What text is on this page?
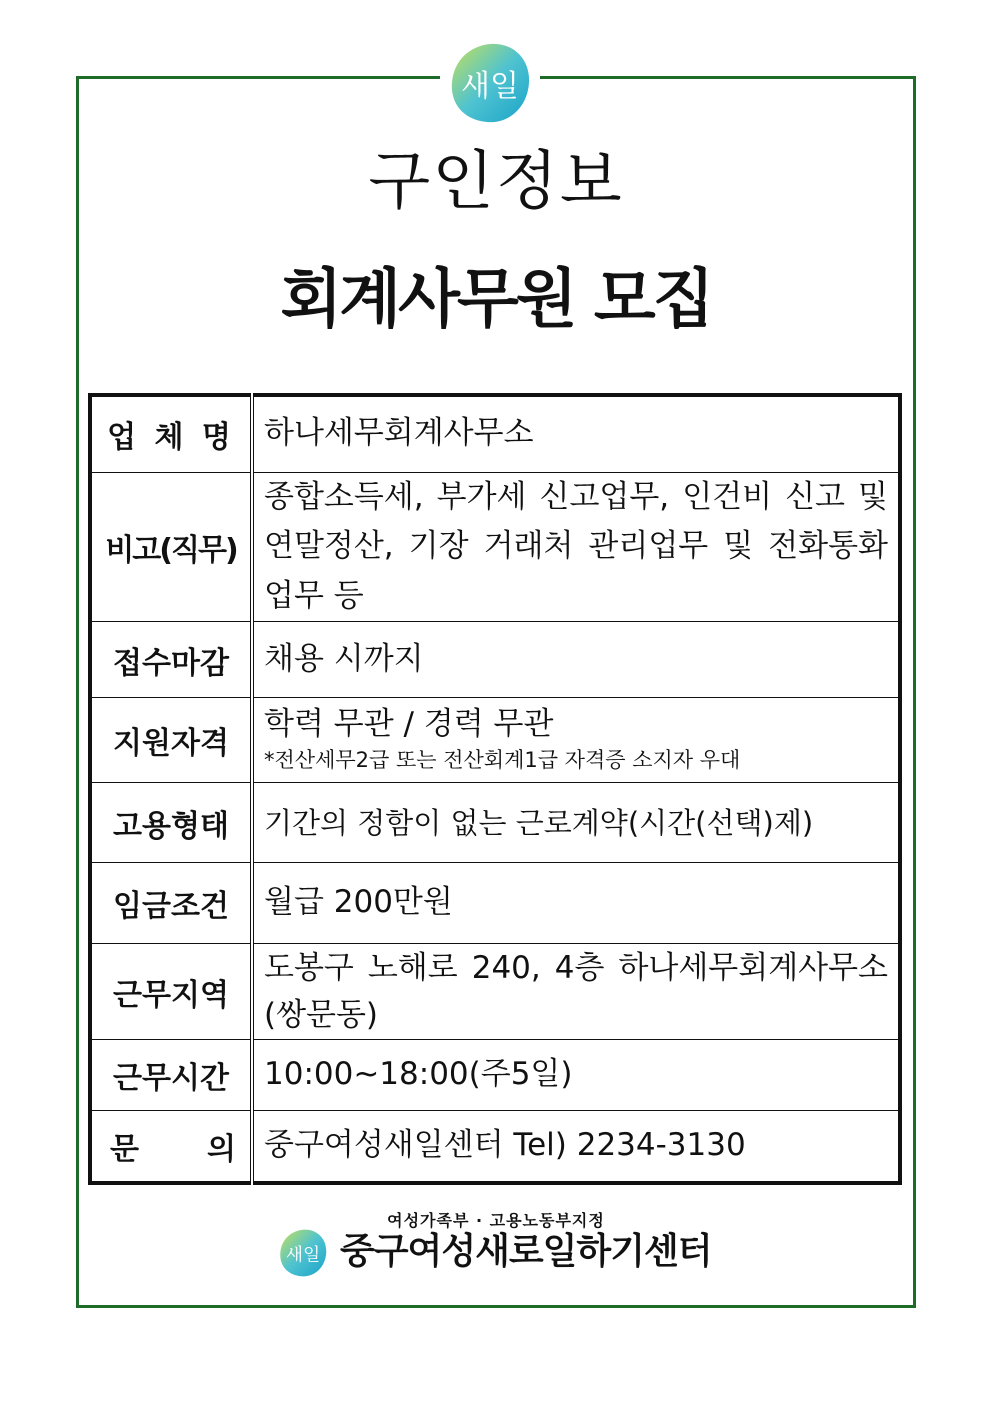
새일
구인정보
회계사무원 모집
업 체 명	하나세무회계사무소
비고(직무)	종합소득세, 부가세 신고업무, 인건비 신고 및 연말정산, 기장 거래처 관리업무 및 전화통화 업무 등
접수마감	채용 시까지
지원자격	학력 무관 / 경력 무관
*전산세무2급 또는 전산회계1급 자격증 소지자 우대

고용형태	기간의 정함이 없는 근로계약(시간(선택)제)
임금조건	월급 200만원
근무지역	도봉구 노해로 240, 4층 하나세무회계사무소(쌍문동)
근무시간	10:00~18:00(주5일)

문 의	중구여성새일센터 Tel) 2234-3130
여성가족부 · 고용노동부지정
새일 중구여성새로일하기센터
